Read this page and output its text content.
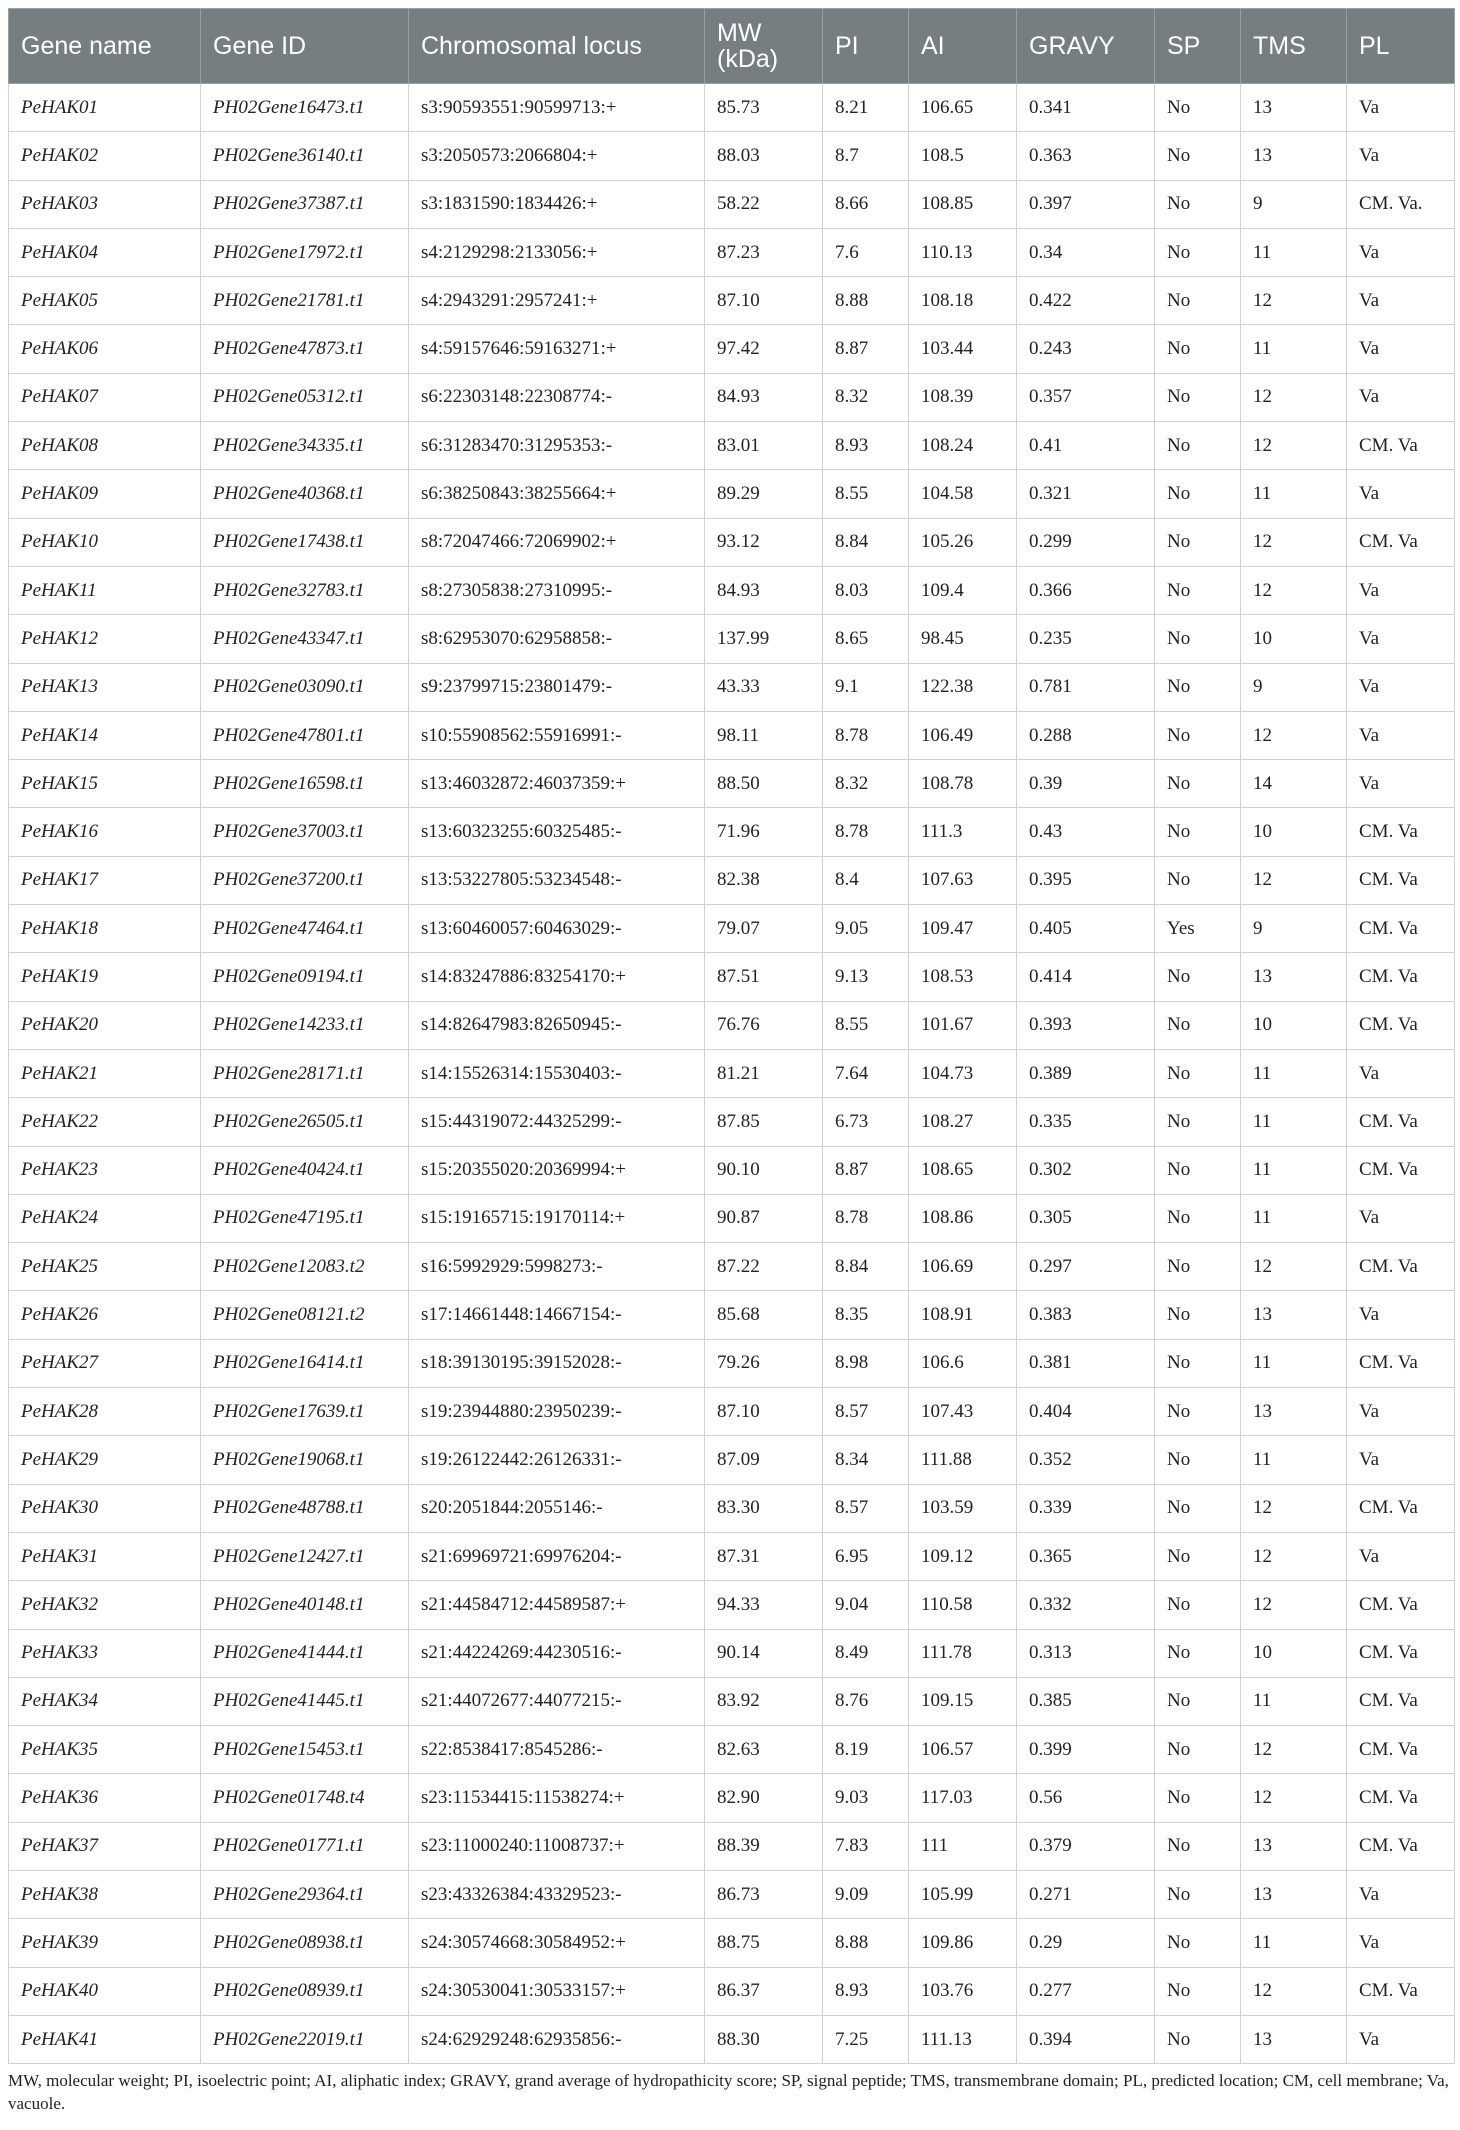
Gene name	Gene ID	Chromosomal locus	MW (kDa)	PI	AI	GRAVY	SP	TMS	PL
PeHAK01	PH02Gene16473.t1	s3:90593551:90599713:+	85.73	8.21	106.65	0.341	No	13	Va
PeHAK02	PH02Gene36140.t1	s3:2050573:2066804:+	88.03	8.7	108.5	0.363	No	13	Va
PeHAK03	PH02Gene37387.t1	s3:1831590:1834426:+	58.22	8.66	108.85	0.397	No	9	CM. Va.
PeHAK04	PH02Gene17972.t1	s4:2129298:2133056:+	87.23	7.6	110.13	0.34	No	11	Va
PeHAK05	PH02Gene21781.t1	s4:2943291:2957241:+	87.10	8.88	108.18	0.422	No	12	Va
PeHAK06	PH02Gene47873.t1	s4:59157646:59163271:+	97.42	8.87	103.44	0.243	No	11	Va
PeHAK07	PH02Gene05312.t1	s6:22303148:22308774:-	84.93	8.32	108.39	0.357	No	12	Va
PeHAK08	PH02Gene34335.t1	s6:31283470:31295353:-	83.01	8.93	108.24	0.41	No	12	CM. Va
PeHAK09	PH02Gene40368.t1	s6:38250843:38255664:+	89.29	8.55	104.58	0.321	No	11	Va
PeHAK10	PH02Gene17438.t1	s8:72047466:72069902:+	93.12	8.84	105.26	0.299	No	12	CM. Va
PeHAK11	PH02Gene32783.t1	s8:27305838:27310995:-	84.93	8.03	109.4	0.366	No	12	Va
PeHAK12	PH02Gene43347.t1	s8:62953070:62958858:-	137.99	8.65	98.45	0.235	No	10	Va
PeHAK13	PH02Gene03090.t1	s9:23799715:23801479:-	43.33	9.1	122.38	0.781	No	9	Va
PeHAK14	PH02Gene47801.t1	s10:55908562:55916991:-	98.11	8.78	106.49	0.288	No	12	Va
PeHAK15	PH02Gene16598.t1	s13:46032872:46037359:+	88.50	8.32	108.78	0.39	No	14	Va
PeHAK16	PH02Gene37003.t1	s13:60323255:60325485:-	71.96	8.78	111.3	0.43	No	10	CM. Va
PeHAK17	PH02Gene37200.t1	s13:53227805:53234548:-	82.38	8.4	107.63	0.395	No	12	CM. Va
PeHAK18	PH02Gene47464.t1	s13:60460057:60463029:-	79.07	9.05	109.47	0.405	Yes	9	CM. Va
PeHAK19	PH02Gene09194.t1	s14:83247886:83254170:+	87.51	9.13	108.53	0.414	No	13	CM. Va
PeHAK20	PH02Gene14233.t1	s14:82647983:82650945:-	76.76	8.55	101.67	0.393	No	10	CM. Va
PeHAK21	PH02Gene28171.t1	s14:15526314:15530403:-	81.21	7.64	104.73	0.389	No	11	Va
PeHAK22	PH02Gene26505.t1	s15:44319072:44325299:-	87.85	6.73	108.27	0.335	No	11	CM. Va
PeHAK23	PH02Gene40424.t1	s15:20355020:20369994:+	90.10	8.87	108.65	0.302	No	11	CM. Va
PeHAK24	PH02Gene47195.t1	s15:19165715:19170114:+	90.87	8.78	108.86	0.305	No	11	Va
PeHAK25	PH02Gene12083.t2	s16:5992929:5998273:-	87.22	8.84	106.69	0.297	No	12	CM. Va
PeHAK26	PH02Gene08121.t2	s17:14661448:14667154:-	85.68	8.35	108.91	0.383	No	13	Va
PeHAK27	PH02Gene16414.t1	s18:39130195:39152028:-	79.26	8.98	106.6	0.381	No	11	CM. Va
PeHAK28	PH02Gene17639.t1	s19:23944880:23950239:-	87.10	8.57	107.43	0.404	No	13	Va
PeHAK29	PH02Gene19068.t1	s19:26122442:26126331:-	87.09	8.34	111.88	0.352	No	11	Va
PeHAK30	PH02Gene48788.t1	s20:2051844:2055146:-	83.30	8.57	103.59	0.339	No	12	CM. Va
PeHAK31	PH02Gene12427.t1	s21:69969721:69976204:-	87.31	6.95	109.12	0.365	No	12	Va
PeHAK32	PH02Gene40148.t1	s21:44584712:44589587:+	94.33	9.04	110.58	0.332	No	12	CM. Va
PeHAK33	PH02Gene41444.t1	s21:44224269:44230516:-	90.14	8.49	111.78	0.313	No	10	CM. Va
PeHAK34	PH02Gene41445.t1	s21:44072677:44077215:-	83.92	8.76	109.15	0.385	No	11	CM. Va
PeHAK35	PH02Gene15453.t1	s22:8538417:8545286:-	82.63	8.19	106.57	0.399	No	12	CM. Va
PeHAK36	PH02Gene01748.t4	s23:11534415:11538274:+	82.90	9.03	117.03	0.56	No	12	CM. Va
PeHAK37	PH02Gene01771.t1	s23:11000240:11008737:+	88.39	7.83	111	0.379	No	13	CM. Va
PeHAK38	PH02Gene29364.t1	s23:43326384:43329523:-	86.73	9.09	105.99	0.271	No	13	Va
PeHAK39	PH02Gene08938.t1	s24:30574668:30584952:+	88.75	8.88	109.86	0.29	No	11	Va
PeHAK40	PH02Gene08939.t1	s24:30530041:30533157:+	86.37	8.93	103.76	0.277	No	12	CM. Va
PeHAK41	PH02Gene22019.t1	s24:62929248:62935856:-	88.30	7.25	111.13	0.394	No	13	Va
MW, molecular weight; PI, isoelectric point; AI, aliphatic index; GRAVY, grand average of hydropathicity score; SP, signal peptide; TMS, transmembrane domain; PL, predicted location; CM, cell membrane; Va, vacuole.
